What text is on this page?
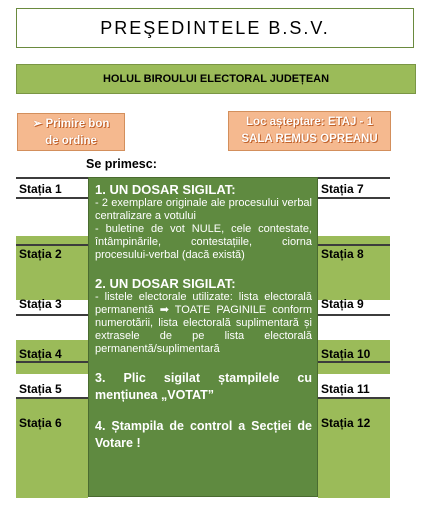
PREŞEDINTELE B.S.V.
HOLUL BIROULUI ELECTORAL JUDEȚEAN
➢ Primire bon
de ordine
Loc așteptare: ETAJ - 1
SALA REMUS OPREANU
Se primesc:
Stația 1
Stația 2
Stația 3
Stația 4
Stația 5
Stația 6
Stația 7
Stația 8
Stația 9
Stația 10
Stația 11
Stația 12
1. UN DOSAR SIGILAT:
- 2 exemplare originale ale procesului verbal centralizare a votului
- buletine de vot NULE, cele contestate, întâmpinările, contestațiile, ciorna procesului-verbal (dacă există)
2. UN DOSAR SIGILAT:
- listele electorale utilizate: lista electorală permanentă ➡ TOATE PAGINILE conform numerotării, lista electorală suplimentară și extrasele de pe lista electorală permanentă/suplimentară
3. Plic sigilat ștampilele cu mențiunea „VOTAT”
4. Ștampila de control a Secției de Votare !
